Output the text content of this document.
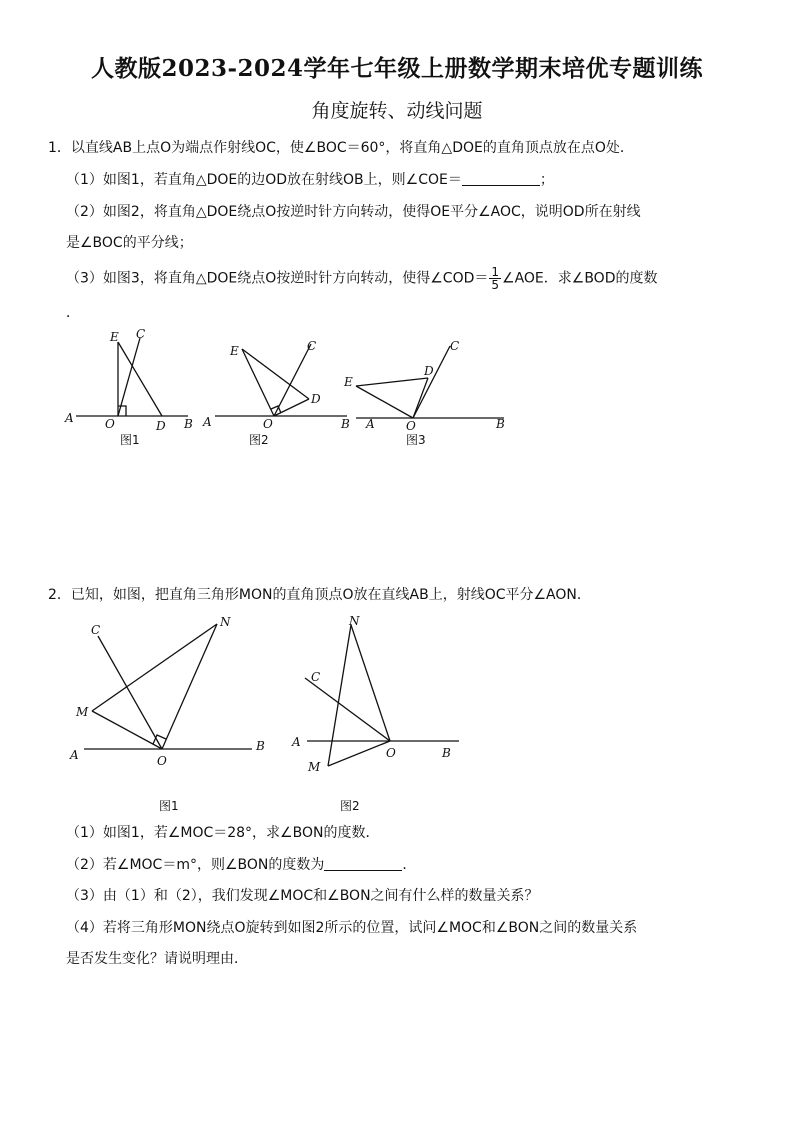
人教版2023-2024学年七年级上册数学期末培优专题训练
角度旋转、动线问题
1．以直线AB上点O为端点作射线OC，使∠BOC＝60°，将直角△DOE的直角顶点放在点O处．
（1）如图1，若直角△DOE的边OD放在射线OB上，则∠COE＝	；
（2）如图2，将直角△DOE绕点O按逆时针方向转动，使得OE平分∠AOC，说明OD所在射线
是∠BOC的平分线；
（3）如图3，将直角△DOE绕点O按逆时针方向转动，使得∠COD＝ $\frac{1}{5}$ ∠AOE．求∠BOD的度数
．
E C
A	O	D B
图1
E	C
A	O
D
B
图2
E
C
A	O
D
B
图3
2．已知，如图，把直角三角形MON的直角顶点O放在直线AB上，射线OC平分∠AON．
C
N
M
A	O
B
图1
N
C
A
O	B
M
图2
（1）如图1，若∠MOC＝28°，求∠BON的度数．
（2）若∠MOC＝m°，则∠BON的度数为	．
（3）由（1）和（2），我们发现∠MOC和∠BON之间有什么样的数量关系？
（4）若将三角形MON绕点O旋转到如图2所示的位置，试问∠MOC和∠BON之间的数量关系
是否发生变化？请说明理由．
